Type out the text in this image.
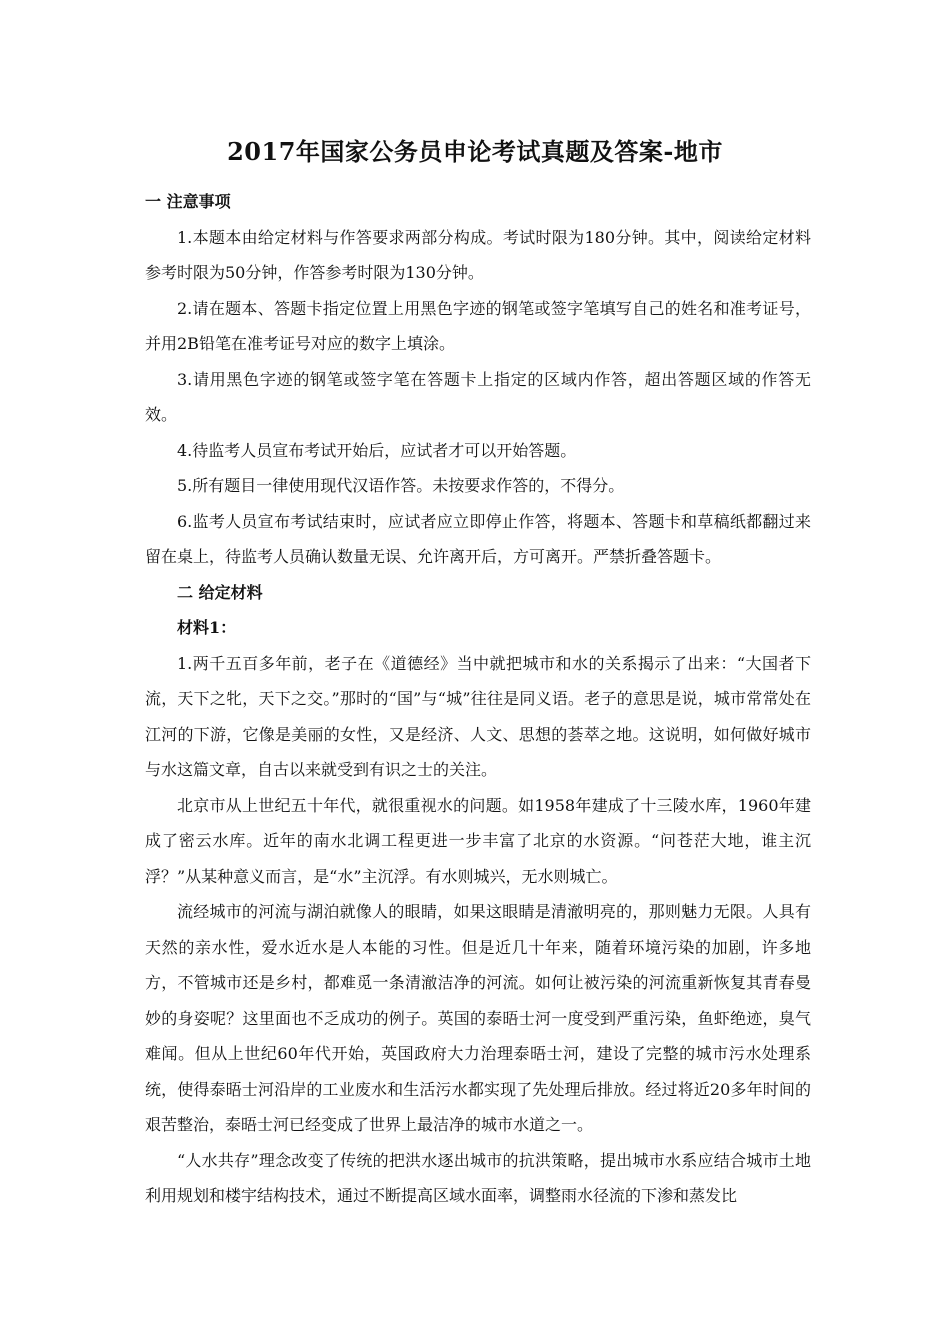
2017年国家公务员申论考试真题及答案-地市

一 注意事项

1.本题本由给定材料与作答要求两部分构成。考试时限为180分钟。其中，阅读给定材料参考时限为50分钟，作答参考时限为130分钟。

2.请在题本、答题卡指定位置上用黑色字迹的钢笔或签字笔填写自己的姓名和准考证号，并用2B铅笔在准考证号对应的数字上填涂。

3.请用黑色字迹的钢笔或签字笔在答题卡上指定的区域内作答，超出答题区域的作答无效。

4.待监考人员宣布考试开始后，应试者才可以开始答题。

5.所有题目一律使用现代汉语作答。未按要求作答的，不得分。

6.监考人员宣布考试结束时，应试者应立即停止作答，将题本、答题卡和草稿纸都翻过来留在桌上，待监考人员确认数量无误、允许离开后，方可离开。严禁折叠答题卡。

二 给定材料

材料1：

1.两千五百多年前，老子在《道德经》当中就把城市和水的关系揭示了出来：“大国者下流，天下之牝，天下之交。”那时的“国”与“城”往往是同义语。老子的意思是说，城市常常处在江河的下游，它像是美丽的女性，又是经济、人文、思想的荟萃之地。这说明，如何做好城市与水这篇文章，自古以来就受到有识之士的关注。

北京市从上世纪五十年代，就很重视水的问题。如1958年建成了十三陵水库，1960年建成了密云水库。近年的南水北调工程更进一步丰富了北京的水资源。“问苍茫大地，谁主沉浮？”从某种意义而言，是“水”主沉浮。有水则城兴，无水则城亡。

流经城市的河流与湖泊就像人的眼睛，如果这眼睛是清澈明亮的，那则魅力无限。人具有天然的亲水性，爱水近水是人本能的习性。但是近几十年来，随着环境污染的加剧，许多地方，不管城市还是乡村，都难觅一条清澈洁净的河流。如何让被污染的河流重新恢复其青春曼妙的身姿呢？这里面也不乏成功的例子。英国的泰晤士河一度受到严重污染，鱼虾绝迹，臭气难闻。但从上世纪60年代开始，英国政府大力治理泰晤士河，建设了完整的城市污水处理系统，使得泰晤士河沿岸的工业废水和生活污水都实现了先处理后排放。经过将近20多年时间的艰苦整治，泰晤士河已经变成了世界上最洁净的城市水道之一。

“人水共存”理念改变了传统的把洪水逐出城市的抗洪策略，提出城市水系应结合城市土地利用规划和楼宇结构技术，通过不断提高区域水面率，调整雨水径流的下渗和蒸发比
